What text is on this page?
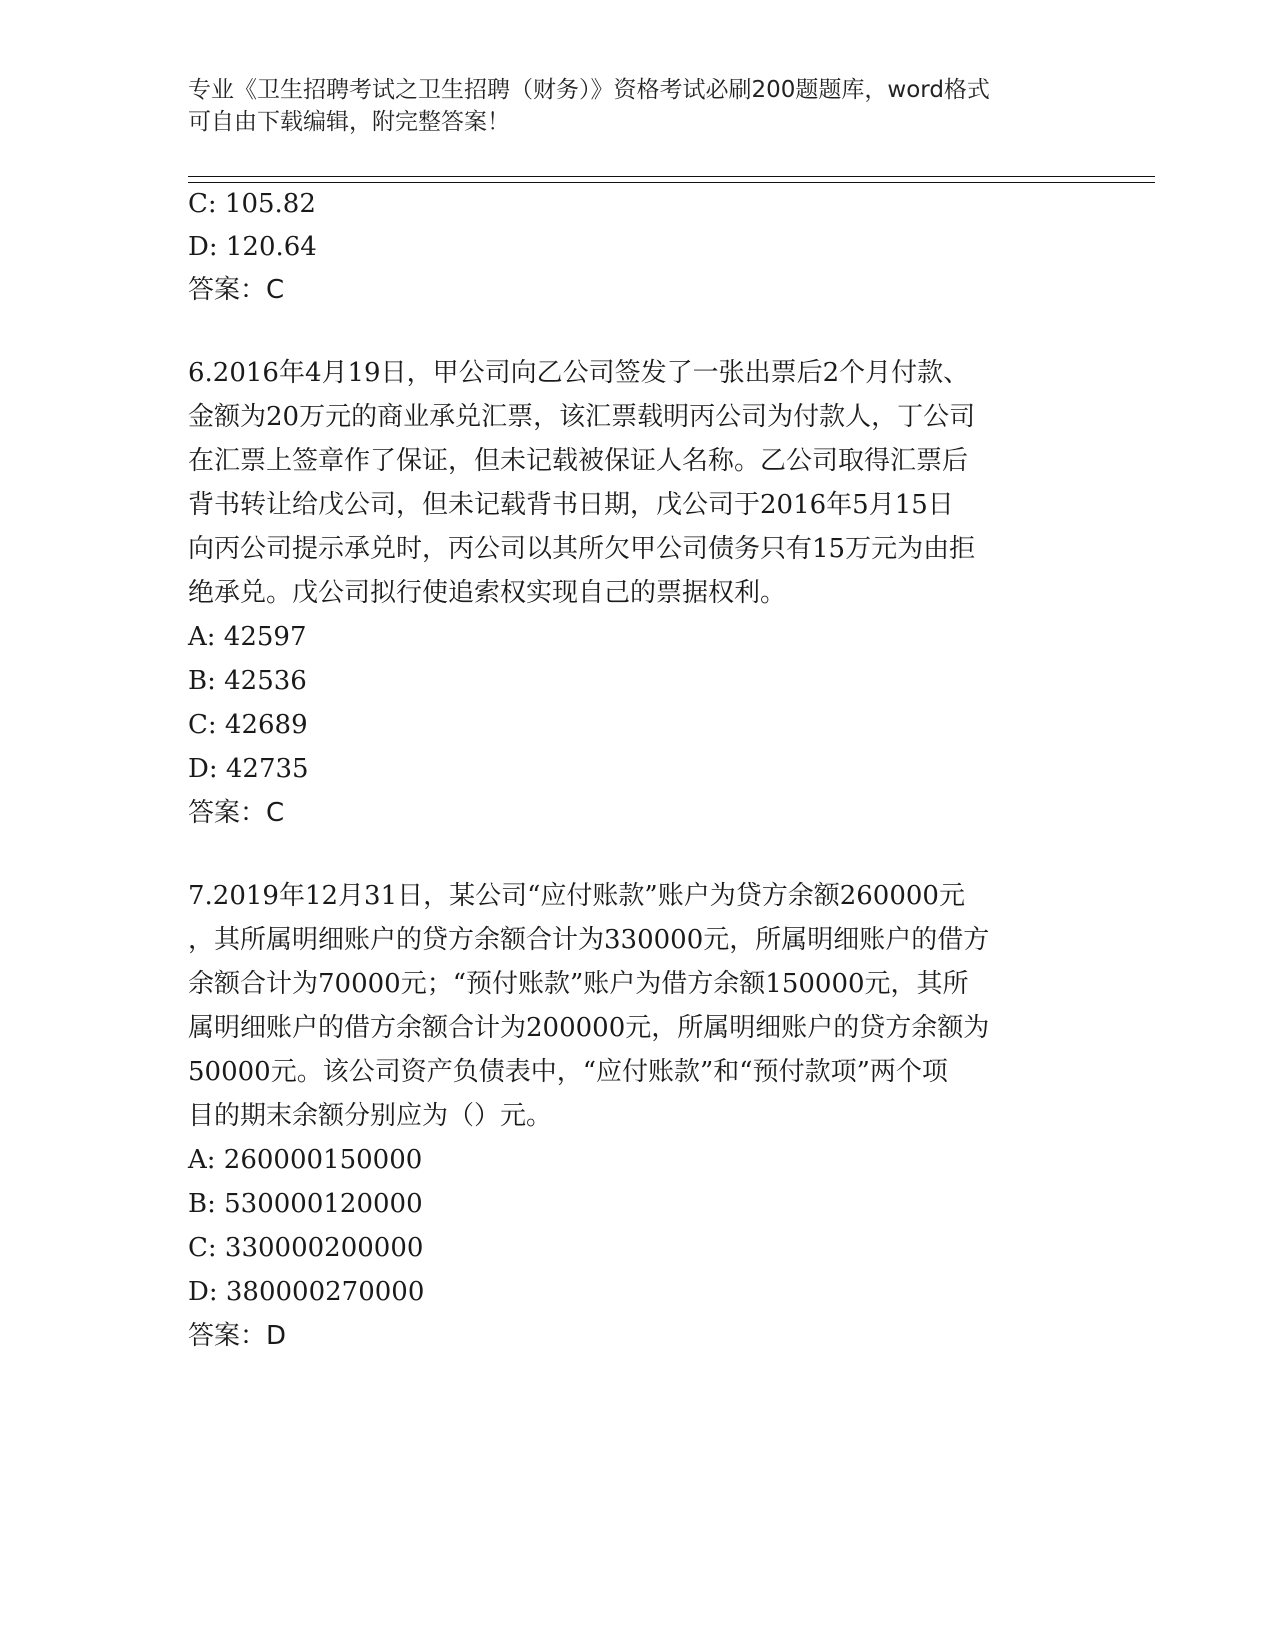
专业《卫生招聘考试之卫生招聘（财务）》资格考试必刷200题题库，word格式
可自由下载编辑，附完整答案！
C: 105.82
D: 120.64
答案：C
6.2016年4月19日，甲公司向乙公司签发了一张出票后2个月付款、
金额为20万元的商业承兑汇票，该汇票载明丙公司为付款人，丁公司
在汇票上签章作了保证，但未记载被保证人名称。乙公司取得汇票后
背书转让给戊公司，但未记载背书日期，戊公司于2016年5月15日
向丙公司提示承兑时，丙公司以其所欠甲公司债务只有15万元为由拒
绝承兑。戊公司拟行使追索权实现自己的票据权利。
A: 42597
B: 42536
C: 42689
D: 42735
答案：C
7.2019年12月31日，某公司“应付账款”账户为贷方余额260000元
，其所属明细账户的贷方余额合计为330000元，所属明细账户的借方
余额合计为70000元；“预付账款”账户为借方余额150000元，其所
属明细账户的借方余额合计为200000元，所属明细账户的贷方余额为
50000元。该公司资产负债表中，“应付账款”和“预付款项”两个项
目的期末余额分别应为（）元。
A: 260000150000
B: 530000120000
C: 330000200000
D: 380000270000
答案：D
